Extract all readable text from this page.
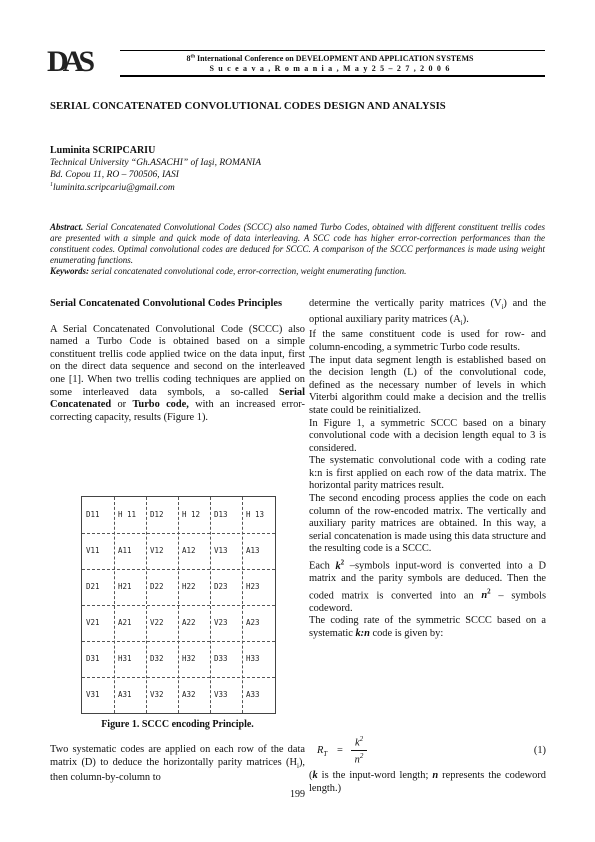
DAS	8th International Conference on DEVELOPMENT AND APPLICATION SYSTEMS
S u c e a v a , R o m a n i a , M a y 2 5 – 2 7 , 2 0 0 6
SERIAL CONCATENATED CONVOLUTIONAL CODES DESIGN AND ANALYSIS
Luminita SCRIPCARIU
Technical University “Gh.ASACHI” of Iaşi, ROMANIA
Bd. Copou 11, RO – 700506, IASI
$^1$luminita.scripcariu@gmail.com
Abstract. Serial Concatenated Convolutional Codes (SCCC) also named Turbo Codes, obtained with different constituent trellis codes are presented with a simple and quick mode of data interleaving. A SCC code has higher error-correction performances than the constituent codes. Optimal convolutional codes are deduced for SCCC. A comparison of the SCCC performances is made using weight enumerating functions.
Keywords: serial concatenated convolutional code, error-correction, weight enumerating function.

Serial Concatenated Convolutional Codes Principles

A Serial Concatenated Convolutional Code (SCCC) also named a Turbo Code is obtained based on a simple constituent trellis code applied twice on the data input, first on the direct data sequence and second on the interleaved one [1]. When two trellis coding techniques are applied on some interleaved data symbols, a so-called Serial Concatenated or Turbo code, with an increased error-correcting capacity, results (Figure 1).

D11	H 11	D12	H 12	D13	H 13
V11	A11	V12	A12	V13	A13
D21	H21	D22	H22	D23	H23
V21	A21	V22	A22	V23	A23
D31	H31	D32	H32	D33	H33
V31	A31	V32	A32	V33	A33
Figure 1. SCCC encoding Principle.

Two systematic codes are applied on each row of the data matrix (D) to deduce the horizontally parity matrices $(H_i)$, then column-by-column to

determine the vertically parity matrices $(V_i)$ and the optional auxiliary parity matrices $(A_i)$.

If the same constituent code is used for row- and column-encoding, a symmetric Turbo code results.

The input data segment length is established based on the decision length (L) of the convolutional code, defined as the necessary number of levels in which Viterbi algorithm could make a decision and the trellis state could be reinitialized.

In Figure 1, a symmetric SCCC based on a binary convolutional code with a decision length equal to 3 is considered.

The systematic convolutional code with a coding rate k:n is first applied on each row of the data matrix. The horizontal parity matrices result.

The second encoding process applies the code on each column of the row-encoded matrix. The vertically and auxiliary parity matrices are obtained. In this way, a serial concatenation is made using this data structure and the resulting code is a SCCC.

Each $k^2$ –symbols input-word is converted into a D matrix and the parity symbols are deduced. Then the coded matrix is converted into an $n^2$ – symbols codeword.

The coding rate of the symmetric SCCC based on a systematic k:n code is given by:

$R_T$ =
$k^2$
$n^2$	(1)

(k is the input-word length; n represents the codeword length.)

199
